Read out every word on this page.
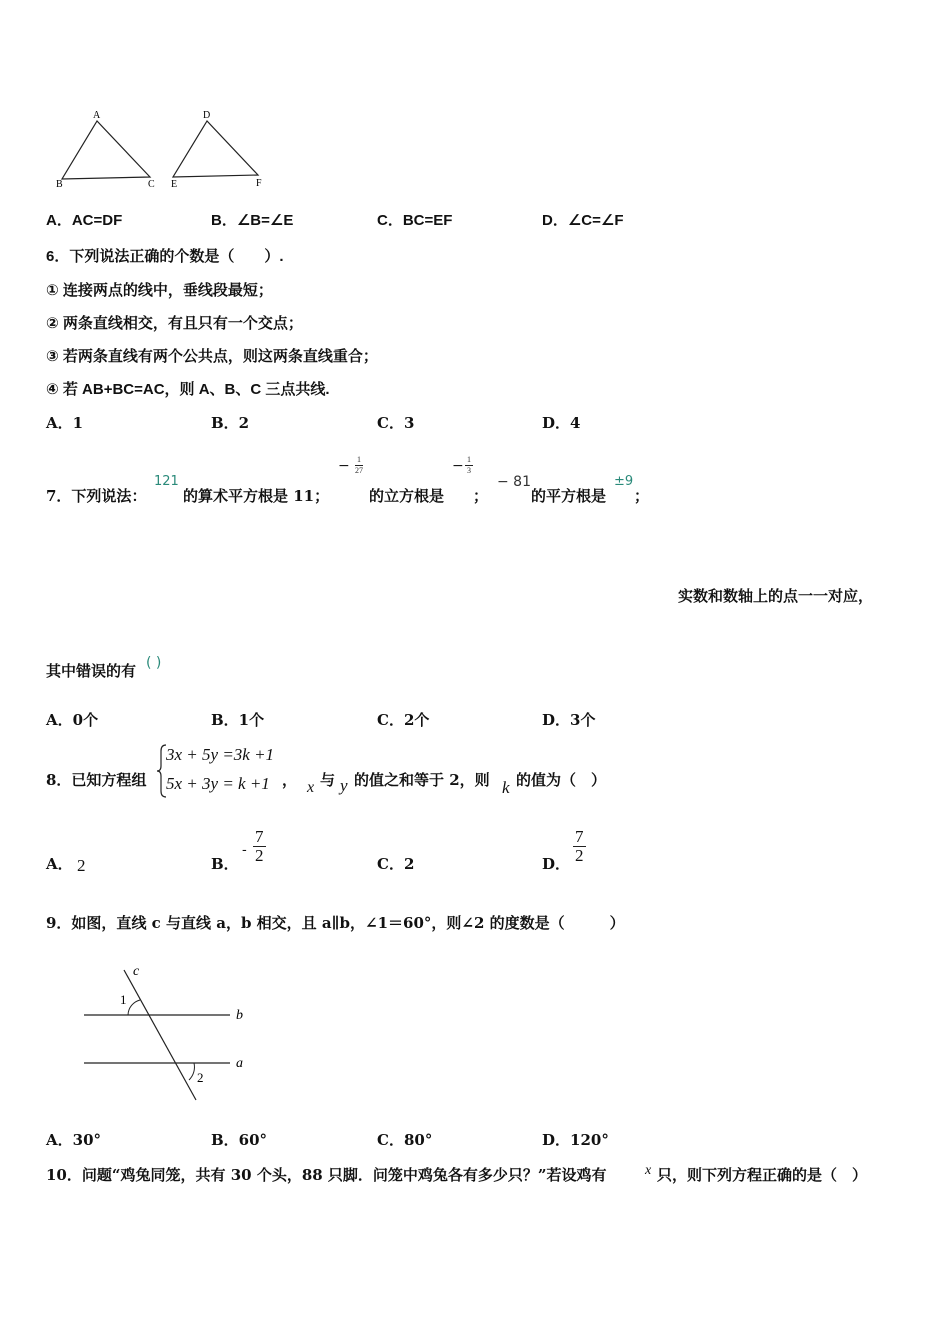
A
B	C
D
E	F
A．AC=DF	B．∠B=∠E	C．BC=EF	D．∠C=∠F
6．下列说法正确的个数是（　　）.
① 连接两点的线中，垂线段最短；
② 两条直线相交，有且只有一个交点；
③ 若两条直线有两个公共点，则这两条直线重合；
④ 若 AB+BC=AC，则 A、B、C 三点共线.
A．1	B．2	C．3	D．4
7．下列说法：
121
的算术平方根是 11；
− $\frac{1}{27}$
的立方根是
− $\frac{1}{3}$
；
− 81
的平方根是
±9
；
实数和数轴上的点一一对应，
其中错误的有 ( )
A．0个	B．1个	C．2个	D．3个
8．已知方程组
3x + 5y =3k +1
5x + 3y = k +1 ， x 与 y 的值之和等于 2，则 k 的值为（　）
A． 2	B．
- $\frac{7}{2}$	C．2	D． $\frac{7}{2}$
9．如图，直线 c 与直线 a，b 相交，且 a∥b，∠1＝60°，则∠2 的度数是（　　　）
c
1
b
a
2
A．30°	B．60°	C．80°	D．120°
10．问题“鸡兔同笼，共有 30 个头，88 只脚．问笼中鸡兔各有多少只？”若设鸡有	x 只，则下列方程正确的是（　）
